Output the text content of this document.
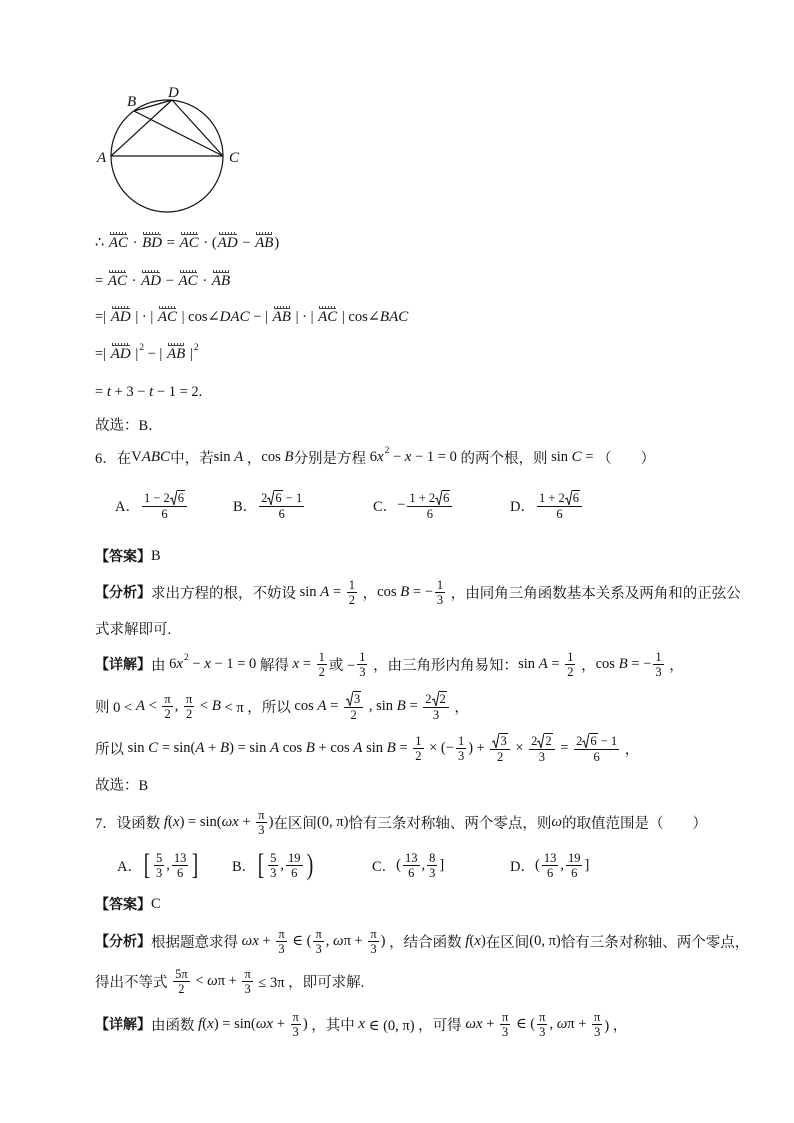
A
B
D
C
∴ AC · BD = AC · ( AD − AB )
= AC · AD − AC · AB
=| AD | · | AC | cos∠ DAC − | AB | · | AC | cos∠ BAC
=| AD | 2 − | AB | 2
= t + 3 − t − 1 = 2.
故选：B．
6．在 V ABC 中，若 sin A ， cos B 分别是方程 6 x 2 − x − 1 = 0 的两个根，则 sin C = （　　）
A． $\frac{1 - 2 6}{6}$	B． $\frac{2 6 - 1}{6}$	C． − $\frac{1 + 2 6}{6}$	D． $\frac{1 + 2 6}{6}$
【答案】 B
【分析】 求出方程的根，不妨设 $\sin A = \frac{1}{2}$ ， cos B = − $\frac{1}{3}$ ，由同角三角函数基本关系及两角和的正弦公
式求解即可.
【详解】 由 6 x 2 − x − 1 = 0 解得 $x = \frac{1}{2}$ 或 − $\frac{1}{3}$ ，由三角形内角易知： $\sin A = \frac{1}{2}$ ， cos B = − $\frac{1}{3}$ ，
则 $0 < A < \frac{\pi}{2}$ , $\frac{\pi}{2} < B < \pi$ ，所以 $\cos A = \frac{3}{2}$ , $\sin B = \frac{2 2}{3}$ ，
所以 sin C = sin( A + B ) = sin A cos B + cos A $\sin B = \frac{1}{2}$ × (− $\frac{1}{3}$ ) + $\frac{3}{2} \times \frac{2 2}{3} = \frac{2 6 - 1}{6}$ ，
故选：B
7．设函数 f ( x ) = sin( $\omega x + \frac{\pi}{3}$ ) 在区间 (0, π) 恰有三条对称轴、两个零点，则 ω 的取值范围是（　　）
A． [ $\frac{5}{3}$ , $\frac{13}{6}$ ] B． [ $\frac{5}{3}$ , $\frac{19}{6}$ )	C． ( $\frac{13}{6}$ , $\frac{8}{3}$ ]	D． ( $\frac{13}{6}$ , $\frac{19}{6}$ ]
【答案】 C
【分析】 根据题意求得 $\omega x + \frac{\pi}{3}$ ∈ ( $\frac{\pi}{3}$ , ω $\pi + \frac{\pi}{3}$ ) ，结合函数 f ( x ) 在区间 (0, π) 恰有三条对称轴、两个零点，
得出不等式 $\frac{5\pi}{2} < \omega$ $\pi + \frac{\pi}{3} \le 3\pi$ ，即可求解.
【详解】 由函数 f ( x ) = sin( $\omega x + \frac{\pi}{3}$ ) ，其中 x ∈ (0, π) ，可得 $\omega x + \frac{\pi}{3}$ ∈ ( $\frac{\pi}{3}$ , ω $\pi + \frac{\pi}{3}$ ) ，
